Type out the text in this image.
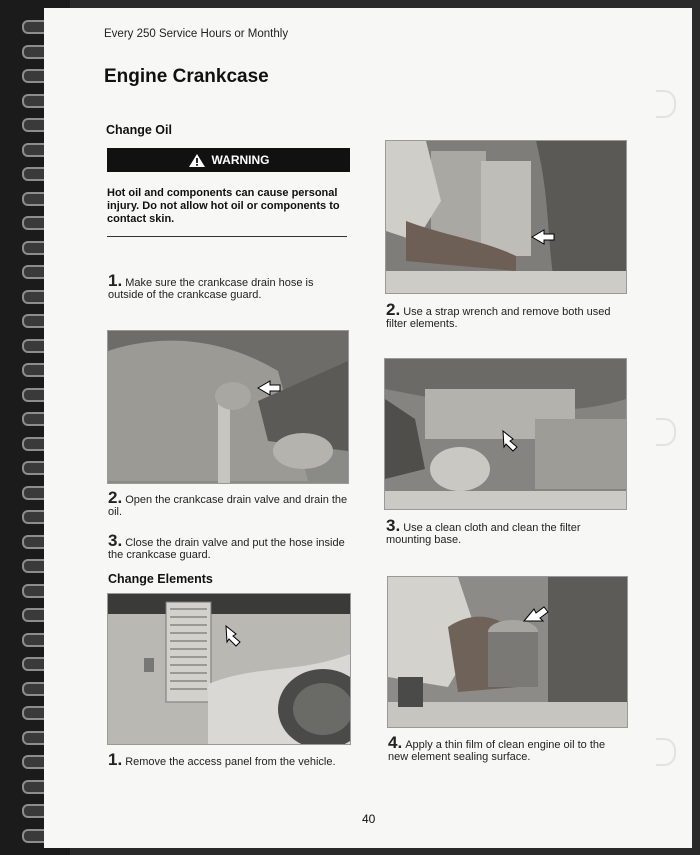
Every 250 Service Hours or Monthly
Engine Crankcase
Change Oil
WARNING
Hot oil and components can cause personal injury. Do not allow hot oil or components to contact skin.
1. Make sure the crankcase drain hose is outside of the crankcase guard.
2. Open the crankcase drain valve and drain the oil.
3. Close the drain valve and put the hose inside the crankcase guard.
Change Elements
1. Remove the access panel from the vehicle.
2. Use a strap wrench and remove both used filter elements.
3. Use a clean cloth and clean the filter mounting base.
4. Apply a thin film of clean engine oil to the new element sealing surface.
40
